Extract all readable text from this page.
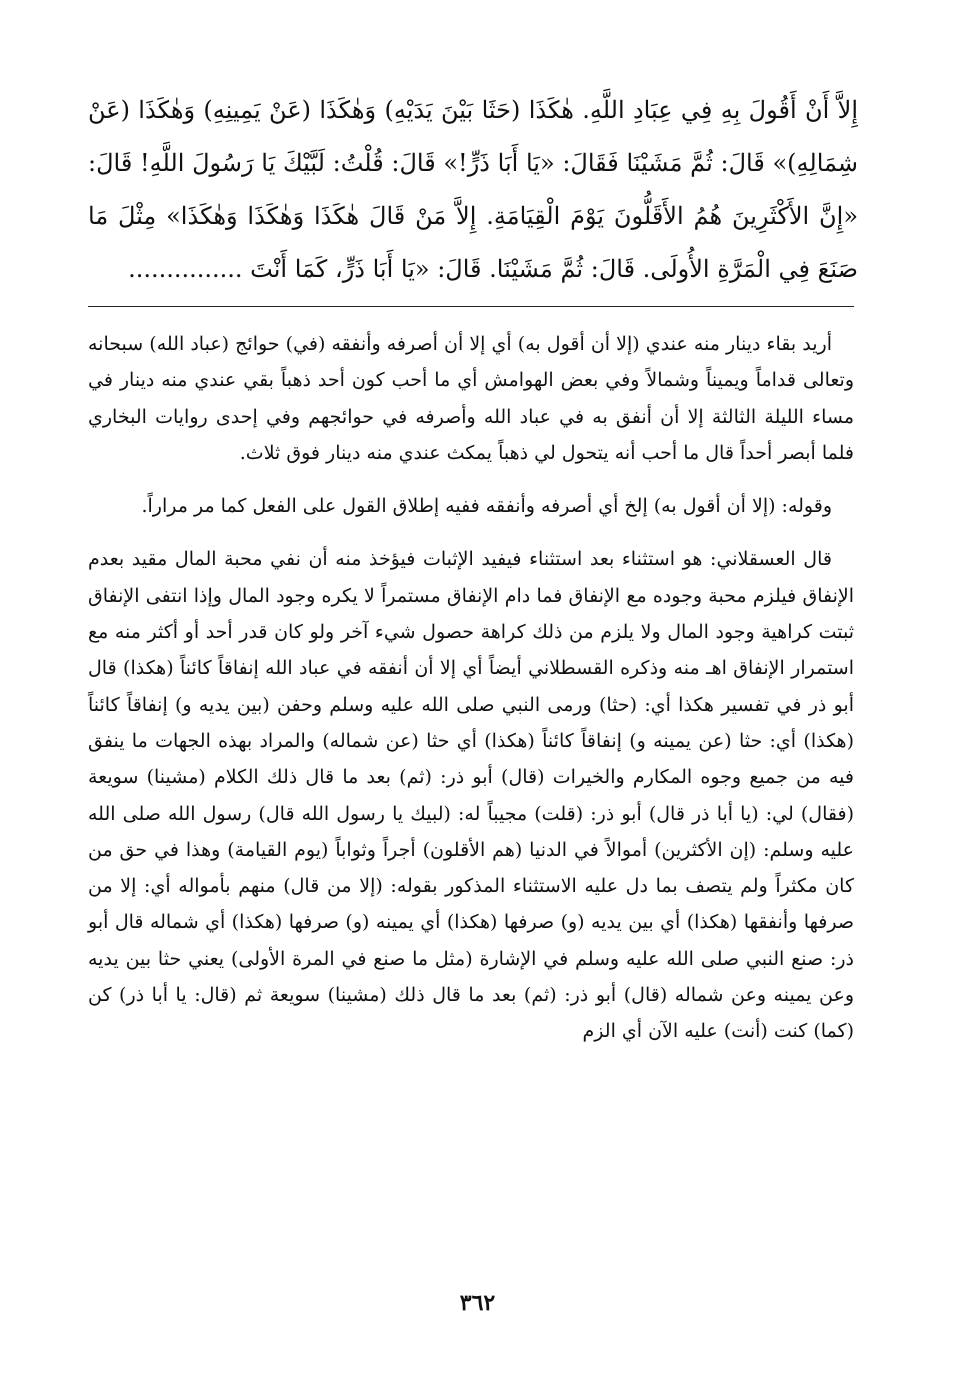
إِلاَّ أَنْ أَقُولَ بِهِ فِي عِبَادِ اللَّهِ. هٰكَذَا (حَثَا بَيْنَ يَدَيْهِ) وَهٰكَذَا (عَنْ يَمِينِهِ) وَهٰكَذَا (عَنْ شِمَالِهِ)» قَالَ: ثُمَّ مَشَيْنَا فَقَالَ: «يَا أَبَا ذَرٍّ!» قَالَ: قُلْتُ: لَبَّيْكَ يَا رَسُولَ اللَّهِ! قَالَ: «إِنَّ الأَكْثَرِينَ هُمُ الأَقَلُّونَ يَوْمَ الْقِيَامَةِ. إِلاَّ مَنْ قَالَ هٰكَذَا وَهٰكَذَا وَهٰكَذَا» مِثْلَ مَا صَنَعَ فِي الْمَرَّةِ الأُولَى. قَالَ: ثُمَّ مَشَيْنَا. قَالَ: «يَا أَبَا ذَرٍّ، كَمَا أَنْتَ ...............

أريد بقاء دينار منه عندي (إلا أن أقول به) أي إلا أن أصرفه وأنفقه (في) حوائج (عباد الله) سبحانه وتعالى قداماً ويميناً وشمالاً وفي بعض الهوامش أي ما أحب كون أحد ذهباً بقي عندي منه دينار في مساء الليلة الثالثة إلا أن أنفق به في عباد الله وأصرفه في حوائجهم وفي إحدى روايات البخاري فلما أبصر أحداً قال ما أحب أنه يتحول لي ذهباً يمكث عندي منه دينار فوق ثلاث.

وقوله: (إلا أن أقول به) إلخ أي أصرفه وأنفقه ففيه إطلاق القول على الفعل كما مر مراراً.

قال العسقلاني: هو استثناء بعد استثناء فيفيد الإثبات فيؤخذ منه أن نفي محبة المال مقيد بعدم الإنفاق فيلزم محبة وجوده مع الإنفاق فما دام الإنفاق مستمراً لا يكره وجود المال وإذا انتفى الإنفاق ثبتت كراهية وجود المال ولا يلزم من ذلك كراهة حصول شيء آخر ولو كان قدر أحد أو أكثر منه مع استمرار الإنفاق اهـ منه وذكره القسطلاني أيضاً أي إلا أن أنفقه في عباد الله إنفاقاً كائناً (هكذا) قال أبو ذر في تفسير هكذا أي: (حثا) ورمى النبي صلى الله عليه وسلم وحفن (بين يديه و) إنفاقاً كائناً (هكذا) أي: حثا (عن يمينه و) إنفاقاً كائناً (هكذا) أي حثا (عن شماله) والمراد بهذه الجهات ما ينفق فيه من جميع وجوه المكارم والخيرات (قال) أبو ذر: (ثم) بعد ما قال ذلك الكلام (مشينا) سويعة (فقال) لي: (يا أبا ذر قال) أبو ذر: (قلت) مجيباً له: (لبيك يا رسول الله قال) رسول الله صلى الله عليه وسلم: (إن الأكثرين) أموالاً في الدنيا (هم الأقلون) أجراً وثواباً (يوم القيامة) وهذا في حق من كان مكثراً ولم يتصف بما دل عليه الاستثناء المذكور بقوله: (إلا من قال) منهم بأمواله أي: إلا من صرفها وأنفقها (هكذا) أي بين يديه (و) صرفها (هكذا) أي يمينه (و) صرفها (هكذا) أي شماله قال أبو ذر: صنع النبي صلى الله عليه وسلم في الإشارة (مثل ما صنع في المرة الأولى) يعني حثا بين يديه وعن يمينه وعن شماله (قال) أبو ذر: (ثم) بعد ما قال ذلك (مشينا) سويعة ثم (قال: يا أبا ذر) كن (كما) كنت (أنت) عليه الآن أي الزم

٣٦٢
